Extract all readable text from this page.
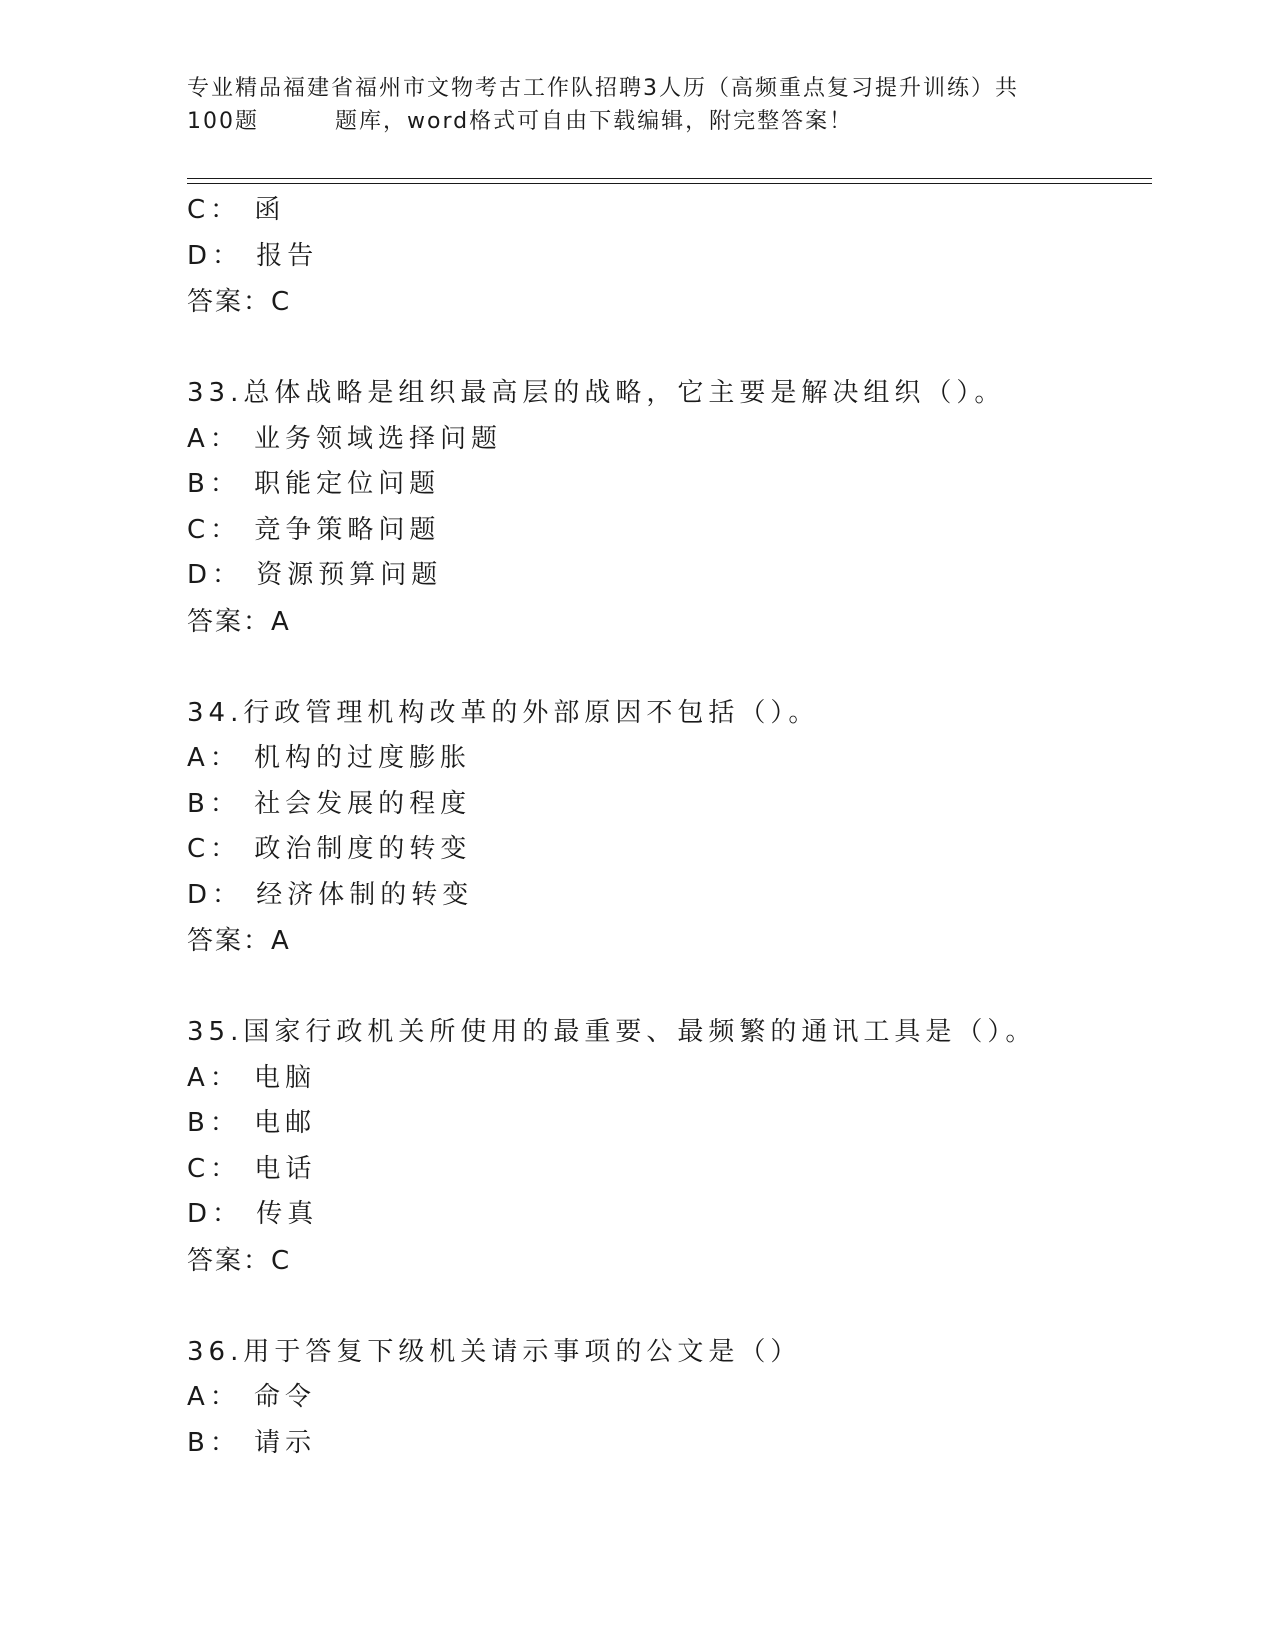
专业精品福建省福州市文物考古工作队招聘3人历（高频重点复习提升训练）共
100题	题库，word格式可自由下载编辑，附完整答案！
C： 函
D： 报告
答案：C
33.总体战略是组织最高层的战略，它主要是解决组织（）。
A： 业务领域选择问题
B： 职能定位问题
C： 竞争策略问题
D： 资源预算问题
答案：A
34.行政管理机构改革的外部原因不包括（）。
A： 机构的过度膨胀
B： 社会发展的程度
C： 政治制度的转变
D： 经济体制的转变
答案：A
35.国家行政机关所使用的最重要、最频繁的通讯工具是（）。
A： 电脑
B： 电邮
C： 电话
D： 传真
答案：C
36.用于答复下级机关请示事项的公文是（）
A： 命令
B： 请示
